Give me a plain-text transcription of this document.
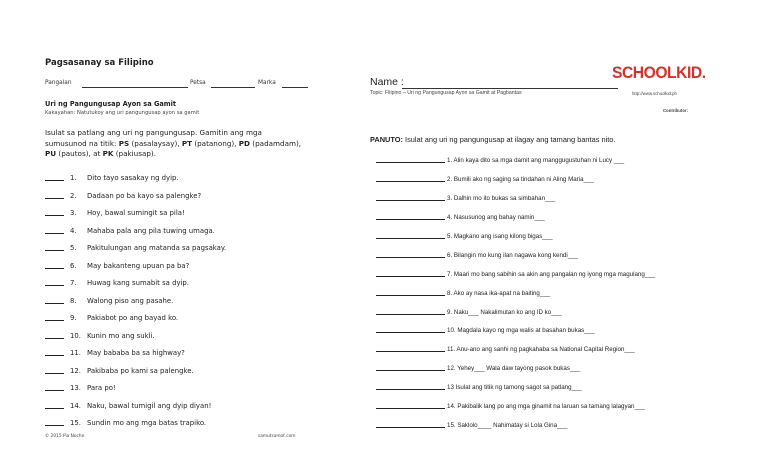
Pagsasanay sa Filipino
Pangalan	Petsa	Marka
Uri ng Pangungusap Ayon sa Gamit
Kakayahan: Natutukoy ang uri pangungusap ayon sa gamit
Isulat sa patlang ang uri ng pangungusap. Gamitin ang mga
sumusunod na titik: PS (pasalaysay), PT (patanong), PD (padamdam),
PU (pautos), at PK (pakiusap).
1. Dito tayo sasakay ng dyip.
2. Dadaan po ba kayo sa palengke?
3. Hoy, bawal sumingit sa pila!
4. Mahaba pala ang pila tuwing umaga.
5. Pakitulungan ang matanda sa pagsakay.
6. May bakanteng upuan pa ba?
7. Huwag kang sumabit sa dyip.
8. Walong piso ang pasahe.
9. Pakiabot po ang bayad ko.
10. Kunin mo ang sukli.
11. May bababa ba sa highway?
12. Pakibaba po kami sa palengke.
13. Para po!
14. Naku, bawal tumigil ang dyip diyan!
15. Sundin mo ang mga batas trapiko.
© 2015 Pia Noche	samutsamot.com
Name :	SCHOOLKID.
Topic: Filipino – Uri ng Pangungusap Ayon sa Gamit at Pagbantas	http://www.schoolkid.ph
Contributor:
PANUTO: Isulat ang uri ng pangungusap at ilagay ang tamang bantas nito.
1. Alin kaya dito sa mga damit ang manggugustuhan ni Lucy ___
2. Bumili ako ng saging sa tindahan ni Aling Maria___
3. Dalhin mo ito bukas sa simbahan___
4. Nasusunog ang bahay namin___
5. Magkano ang isang kilong bigas___
6. Bilangin mo kung ilan nagawa kong kendi___
7. Maari mo bang sabihin sa akin ang pangalan ng iyong mga magulang___
8. Ako ay nasa ika-apat na baiting___
9. Naku___ Nakalimutan ko ang ID ko___
10. Magdala kayo ng mga walis at basahan bukas___
11. Anu-ano ang sanhi ng pagkahaba sa National Capital Region___
12. Yehey___ Wala daw tayong pasok bukas___
13 Isulat ang titik ng tamong sagot sa patlang___
14. Pakibalik lang po ang mga ginamit na laruan sa tamang lalagyan___
15. Saklolo____ Nahimatay si Lola Gina___
